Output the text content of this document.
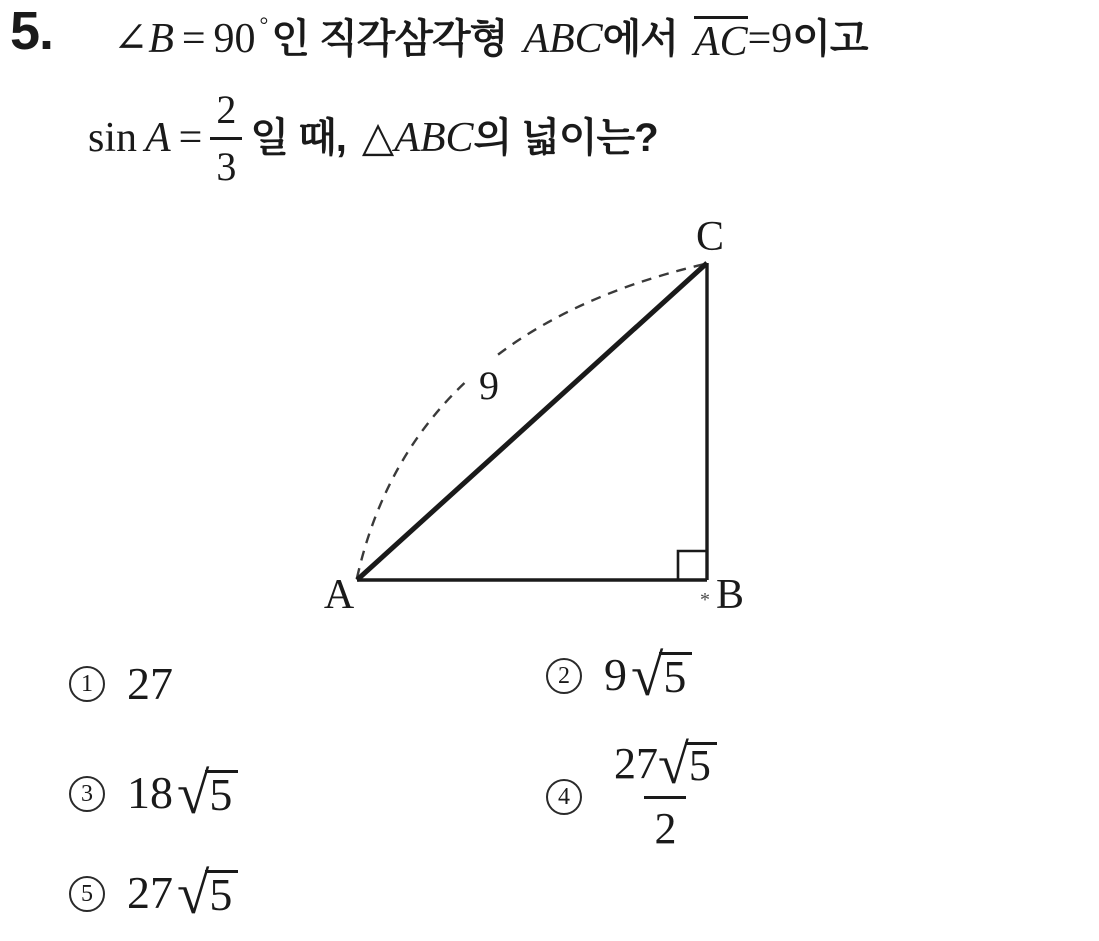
5. ∠ B = 90 ° 인 직각삼각형 ABC 에서 AC =9 이고
$\sin A = \frac{2}{3}$ 일 때, △ ABC 의 넓이는?
A	B
C
9
*
1 27	2 9 √ 5
3 18 √ 5	$4 \frac{27 √ 5}{2}$
5 27 √ 5
